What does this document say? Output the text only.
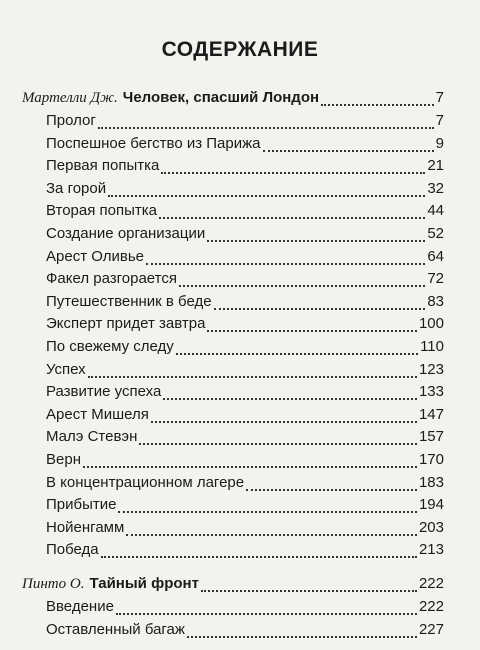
СОДЕРЖАНИЕ
Мартелли Дж. Человек, спасший Лондон	7
Пролог	7
Поспешное бегство из Парижа	9
Первая попытка	21
За горой	32
Вторая попытка	44
Создание организации	52
Арест Оливье	64
Факел разгорается	72
Путешественник в беде	83
Эксперт придет завтра	100
По свежему следу	110
Успех	123
Развитие успеха	133
Арест Мишеля	147
Малэ Стевэн	157
Верн	170
В концентрационном лагере	183
Прибытие	194
Нойенгамм	203
Победа	213
Пинто О. Тайный фронт	222
Введение	222
Оставленный багаж	227
